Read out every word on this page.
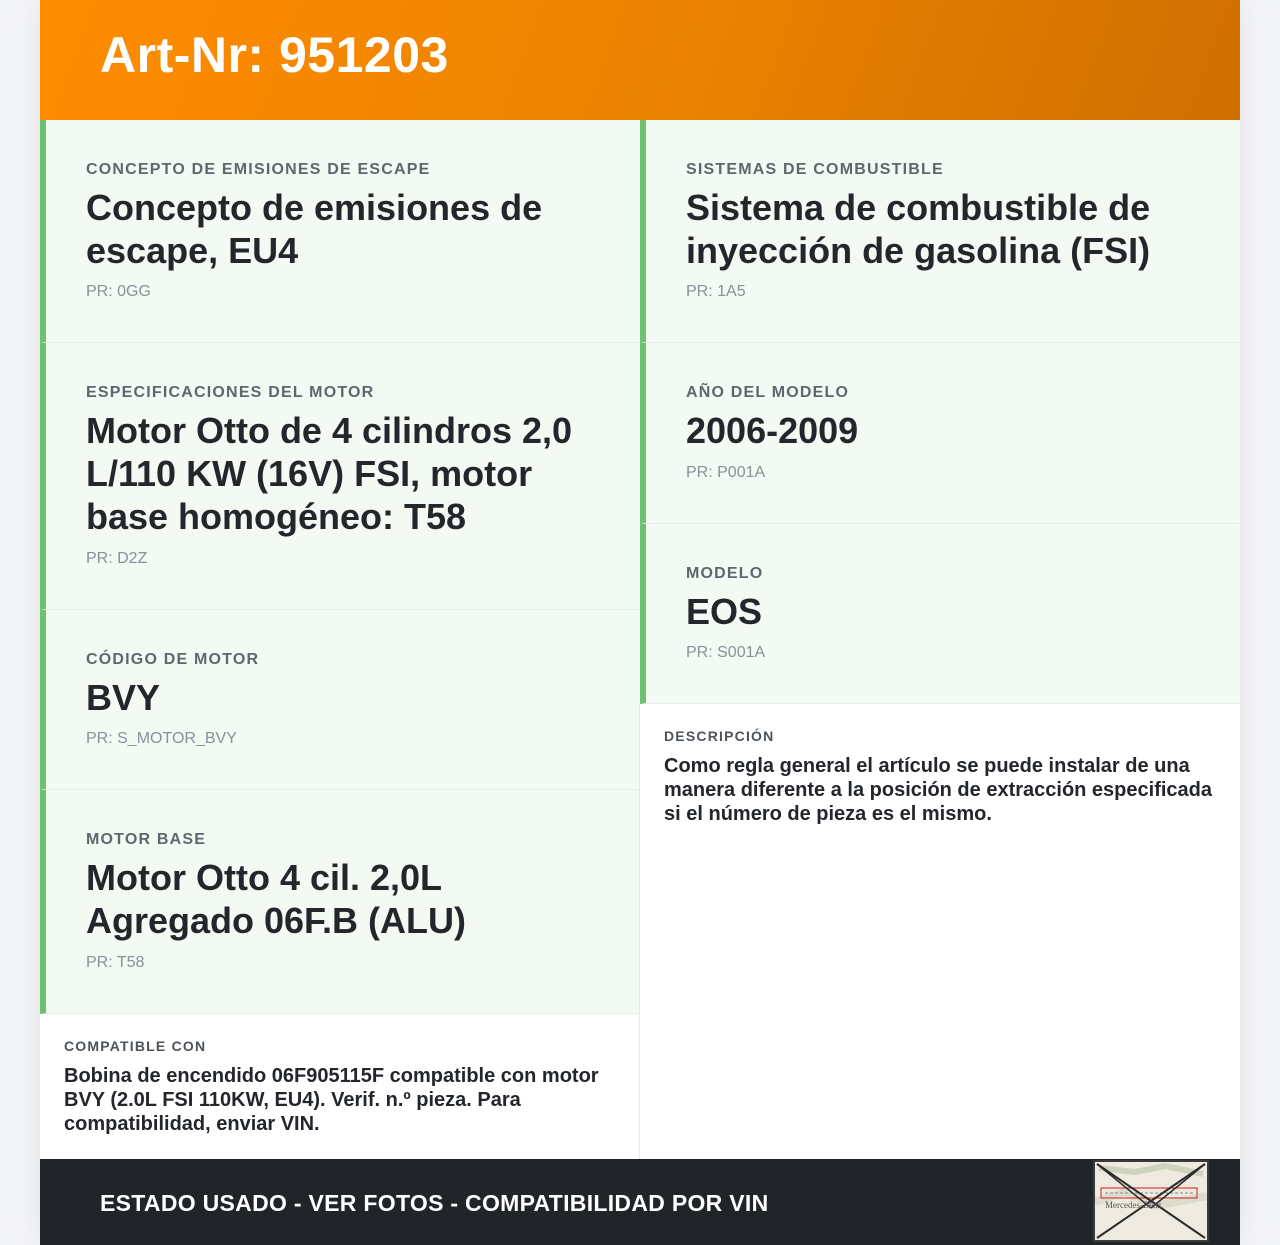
Art-Nr: 951203
CONCEPTO DE EMISIONES DE ESCAPE
Concepto de emisiones de escape, EU4
PR: 0GG
ESPECIFICACIONES DEL MOTOR
Motor Otto de 4 cilindros 2,0 L/110 KW (16V) FSI, motor base homogéneo: T58
PR: D2Z
CÓDIGO DE MOTOR
BVY
PR: S_MOTOR_BVY
MOTOR BASE
Motor Otto 4 cil. 2,0L Agregado 06F.B (ALU)
PR: T58
SISTEMAS DE COMBUSTIBLE
Sistema de combustible de inyección de gasolina (FSI)
PR: 1A5
AÑO DEL MODELO
2006-2009
PR: P001A
MODELO
EOS
PR: S001A
COMPATIBLE CON
Bobina de encendido 06F905115F compatible con motor BVY (2.0L FSI 110KW, EU4). Verif. n.º pieza. Para compatibilidad, enviar VIN.
DESCRIPCIÓN
Como regla general el artículo se puede instalar de una manera diferente a la posición de extracción especificada si el número de pieza es el mismo.
ESTADO USADO - VER FOTOS - COMPATIBILIDAD POR VIN	Mercedes-Benz
